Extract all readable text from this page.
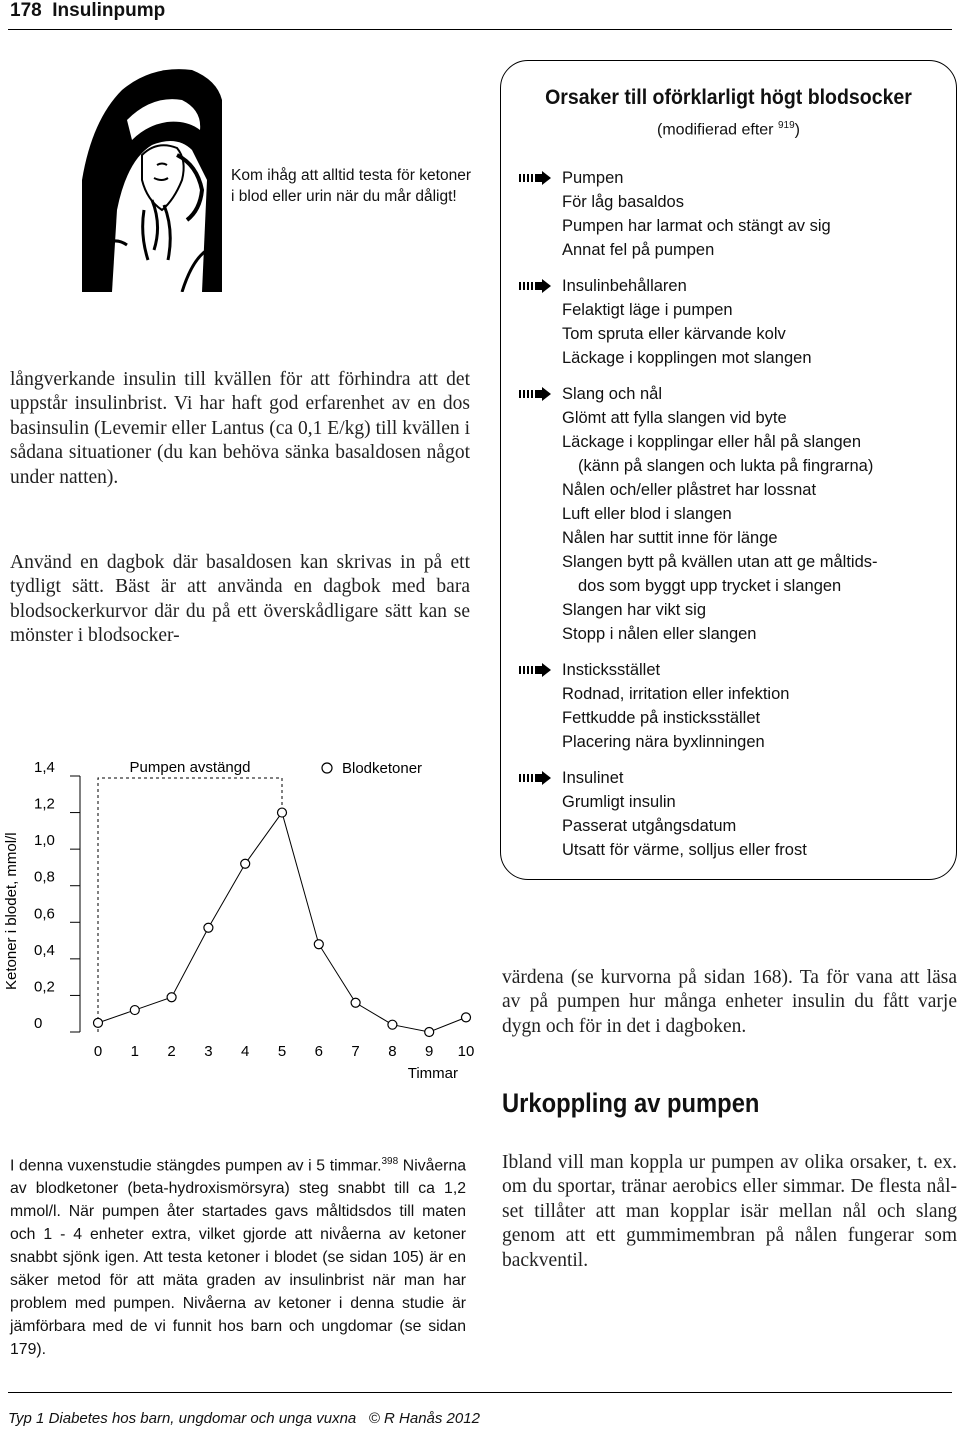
178 Insulinpump
Kom ihåg att alltid testa för ketoner i blod eller urin när du mår dåligt!
långverkande insulin till kvällen för att förhindra att det uppstår insulinbrist. Vi har haft god erfarenhet av en dos basinsulin (Levemir eller Lantus (ca 0,1 E/kg) till kvällen i sådana situationer (du kan behöva sänka basaldosen något under natten).
Använd en dagbok där basaldosen kan skrivas in på ett tydligt sätt. Bäst är att använda en dagbok med bara blodsockerkurvor där du på ett överskådligare sätt kan se mönster i blodsocker-
0
0,2
0,4
0,6
0,8
1,0
1,2
1,4
0 1 2 3 4 5 6 7 8 9 10
Timmar
Ketoner i blodet, mmol/l
Pumpen avstängd	Blodketoner
I denna vuxenstudie stängdes pumpen av i 5 timmar.$^{398}$ Nivåerna av blodketoner (beta-hydroxismörsyra) steg snabbt till ca 1,2 mmol/l. När pumpen åter startades gavs måltidsdos till maten och 1 - 4 enheter extra, vilket gjorde att nivåerna av ketoner snabbt sjönk igen. Att testa ketoner i blodet (se sidan 105) är en säker metod för att mäta graden av insulinbrist när man har problem med pumpen. Nivåerna av ketoner i denna studie är jämförbara med de vi funnit hos barn och ungdomar (se sidan 179).
Orsaker till oförklarligt högt blodsocker
(modifierad efter $^{919}$)
Pumpen
För låg basaldos
Pumpen har larmat och stängt av sig
Annat fel på pumpen
Insulinbehållaren
Felaktigt läge i pumpen
Tom spruta eller kärvande kolv
Läckage i kopplingen mot slangen
Slang och nål
Glömt att fylla slangen vid byte
Läckage i kopplingar eller hål på slangen
(känn på slangen och lukta på fingrarna)
Nålen och/eller plåstret har lossnat
Luft eller blod i slangen
Nålen har suttit inne för länge
Slangen bytt på kvällen utan att ge måltids-
dos som byggt upp trycket i slangen
Slangen har vikt sig
Stopp i nålen eller slangen
Insticksstället
Rodnad, irritation eller infektion
Fettkudde på insticksstället
Placering nära byxlinningen
Insulinet
Grumligt insulin
Passerat utgångsdatum
Utsatt för värme, solljus eller frost
värdena (se kurvorna på sidan 168). Ta för vana att läsa av på pumpen hur många enheter insulin du fått varje dygn och för in det i dagboken.
Urkoppling av pumpen
Ibland vill man koppla ur pumpen av olika orsaker, t. ex. om du sportar, tränar aerobics eller simmar. De flesta nål-set tillåter att man kopplar isär mellan nål och slang genom att ett gummimembran på nålen fungerar som backventil.
Typ 1 Diabetes hos barn, ungdomar och unga vuxna © R Hanås 2012
